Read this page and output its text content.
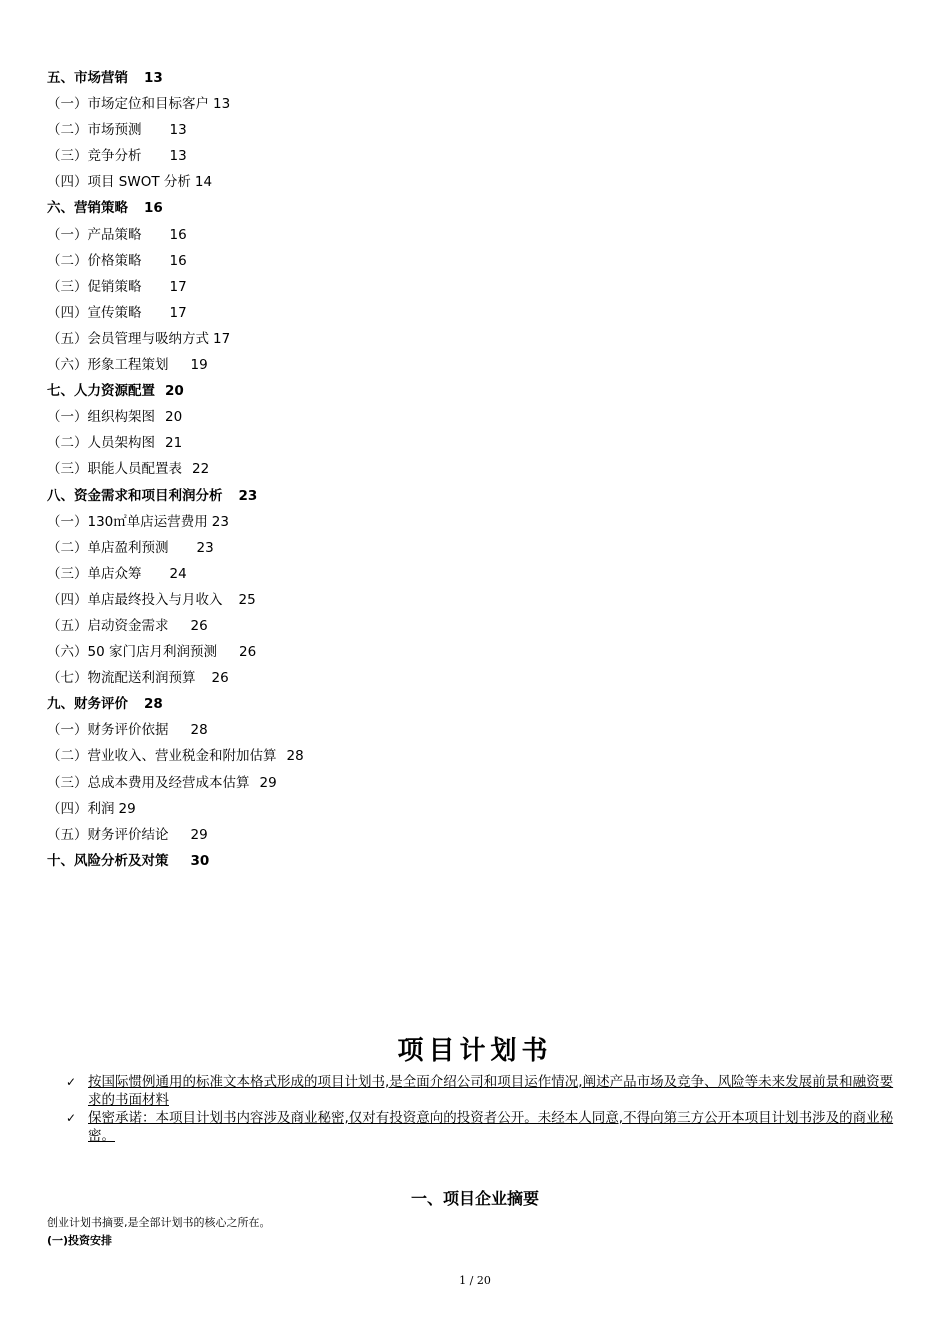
五、市场营销 13
（一）市场定位和目标客户 13
（二）市场预测 13
（三）竞争分析 13
（四）项目 SWOT 分析 14
六、营销策略 16
（一）产品策略 16
（二）价格策略 16
（三）促销策略 17
（四）宣传策略 17
（五）会员管理与吸纳方式 17
（六）形象工程策划 19
七、人力资源配置 20
（一）组织构架图 20
（二）人员架构图 21
（三）职能人员配置表 22
八、资金需求和项目利润分析 23
（一）130㎡单店运营费用 23
（二）单店盈利预测 23
（三）单店众筹 24
（四）单店最终投入与月收入 25
（五）启动资金需求 26
（六）50 家门店月利润预测 26
（七）物流配送利润预算 26
九、财务评价 28
（一）财务评价依据 28
（二）营业收入、营业税金和附加估算 28
（三）总成本费用及经营成本估算 29
（四）利润 29
（五）财务评价结论 29
十、风险分析及对策 30
项目计划书
✓ 按国际惯例通用的标准文本格式形成的项目计划书,是全面介绍公司和项目运作情况,阐述产品市场及竞争、风险等未来发展前景和融资要求的书面材料
✓ 保密承诺：本项目计划书内容涉及商业秘密,仅对有投资意向的投资者公开。未经本人同意,不得向第三方公开本项目计划书涉及的商业秘密。
一、项目企业摘要
创业计划书摘要,是全部计划书的核心之所在。
(一)投资安排
1 / 20
